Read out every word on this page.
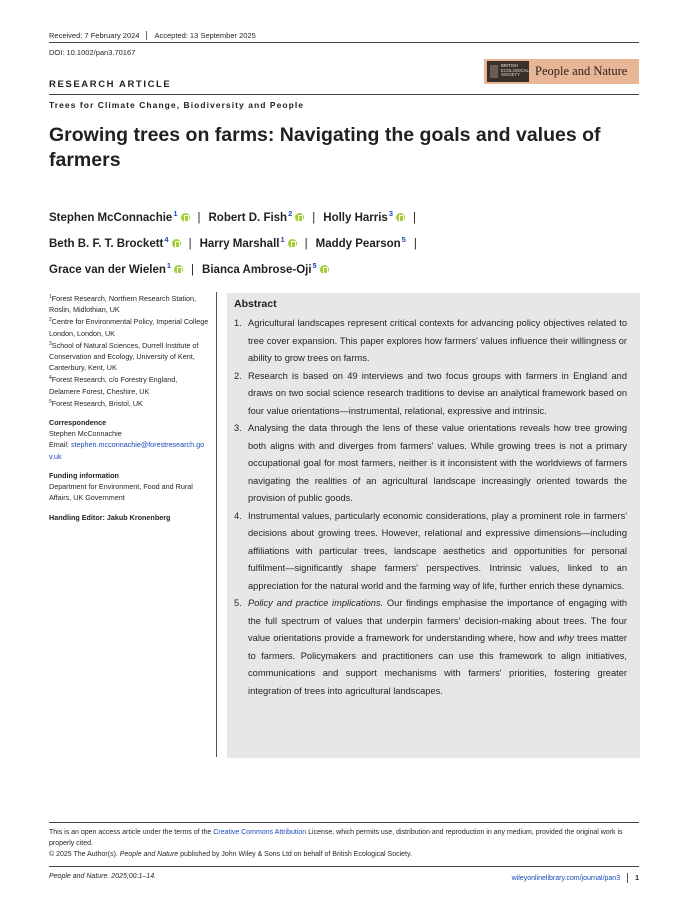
Received: 7 February 2024 Accepted: 13 September 2025
DOI: 10.1002/pan3.70167
BRITISH ECOLOGICAL SOCIETY	People and Nature
RESEARCH ARTICLE
Trees for Climate Change, Biodiversity and People
Growing trees on farms: Navigating the goals and values of farmers
Stephen McConnachie$^1$ | Robert D. Fish$^2$ | Holly Harris$^3$ |
Beth B. F. T. Brockett$^4$ | Harry Marshall$^1$ | Maddy Pearson$^5$ |
Grace van der Wielen$^1$ | Bianca Ambrose-Oji$^5$
$^1$Forest Research, Northern Research Station, Roslin, Midlothian, UK
$^2$Centre for Environmental Policy, Imperial College London, London, UK
$^3$School of Natural Sciences, Durrell Institute of Conservation and Ecology, University of Kent, Canterbury, Kent, UK
$^4$Forest Research, c/o Forestry England, Delamere Forest, Cheshire, UK
$^5$Forest Research, Bristol, UK
Correspondence
Stephen McConnachie
Email: stephen.mcconnachie@forestresearch.gov.uk
Funding information
Department for Environment, Food and Rural Affairs, UK Government
Handling Editor: Jakub Kronenberg
Abstract
1. Agricultural landscapes represent critical contexts for advancing policy objectives related to tree cover expansion. This paper explores how farmers' values influence their willingness or ability to grow trees on farms.
2. Research is based on 49 interviews and two focus groups with farmers in England and draws on two social science research traditions to devise an analytical framework based on four value orientations—instrumental, relational, expressive and intrinsic.
3. Analysing the data through the lens of these value orientations reveals how tree growing both aligns with and diverges from farmers' values. While growing trees is not a primary occupational goal for most farmers, neither is it inconsistent with the worldviews of farmers navigating the realities of an agricultural landscape increasingly oriented towards the provision of public goods.
4. Instrumental values, particularly economic considerations, play a prominent role in farmers' decisions about growing trees. However, relational and expressive dimensions—including affiliations with particular trees, landscape aesthetics and opportunities for personal fulfilment—significantly shape farmers' perspectives. Intrinsic values, linked to an appreciation for the natural world and the farming way of life, further enrich these dynamics.
5. Policy and practice implications. Our findings emphasise the importance of engaging with the full spectrum of values that underpin farmers' decision-making about trees. The four value orientations provide a framework for understanding where, how and why trees matter to farmers. Policymakers and practitioners can use this framework to align initiatives, communications and support mechanisms with farmers' priorities, fostering greater integration of trees into agricultural landscapes.
This is an open access article under the terms of the Creative Commons Attribution License, which permits use, distribution and reproduction in any medium, provided the original work is properly cited.
© 2025 The Author(s). People and Nature published by John Wiley & Sons Ltd on behalf of British Ecological Society.
People and Nature. 2025;00:1–14.	wileyonlinelibrary.com/journal/pan3 1
